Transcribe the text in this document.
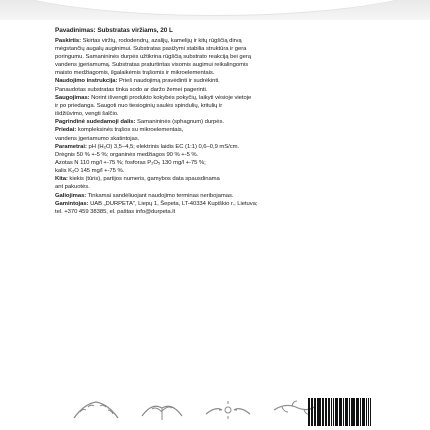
Pavadinimas: Substratas viržiams, 20 L
Paskirtis: Skirtas viržių, rododendrų, azalijų, kamelijų ir kitų rūgščią dirvą
mėgstančių augalų auginimui. Substratas pasižymi stabilia struktūra ir gera
poringumu. Samanininės durpės užtikrina rūgščią substrato reakciją bei gerą
vandens įgeriamumą. Substratas praturtintas visomis augimui reikalingomis
maisto medžiagomis, ilgalaikėmis trąšomis ir mikroelementais.
Naudojimo instrukcija: Prieš naudojimą pravėdinti ir sudrėkinti.
Panaudotas substratas tinka sodo ar daržo žemei pagerinti.
Saugojimas: Norint išvengti produkto kokybės pokyčių, laikyti vėsioje vietoje
ir po priedanga. Saugoti nuo tiesioginių saulės spindulių, kritulių ir
išdžiūvimo, vengti šalčio.
Pagrindinė sudedamoji dalis: Samanininės (sphagnum) durpės.
Priedai: kompleksinės trąšos su mikroelementais,
vandens įgeriamumo skatintojas.
Parametrai: pH (H₂O) 3,5–4,5; elektrinis laidis EC (1:1) 0,6–0,9 mS/cm.
Drėgnis 50 % +-5 %; organinės medžiagos 90 % +-5 %.
Azotas N 110 mg/l +-75 %; fosforas P₂O₅ 130 mg/l +-75 %;
kalis K₂O 145 mg/l +-75 %.
Kita: kiekis (tūris), partijos numeris, gamybos data spausdinama
ant pakuotės.
Galiojimas: Tinkamai sandėliuojant naudojimo terminas neribojamas.
Gamintojas: UAB „DURPETA", Liepų 1, Šepeta, LT-40334 Kupiškio r., Lietuva;
tel. +370 459 38385, el. paštas info@durpeta.lt
